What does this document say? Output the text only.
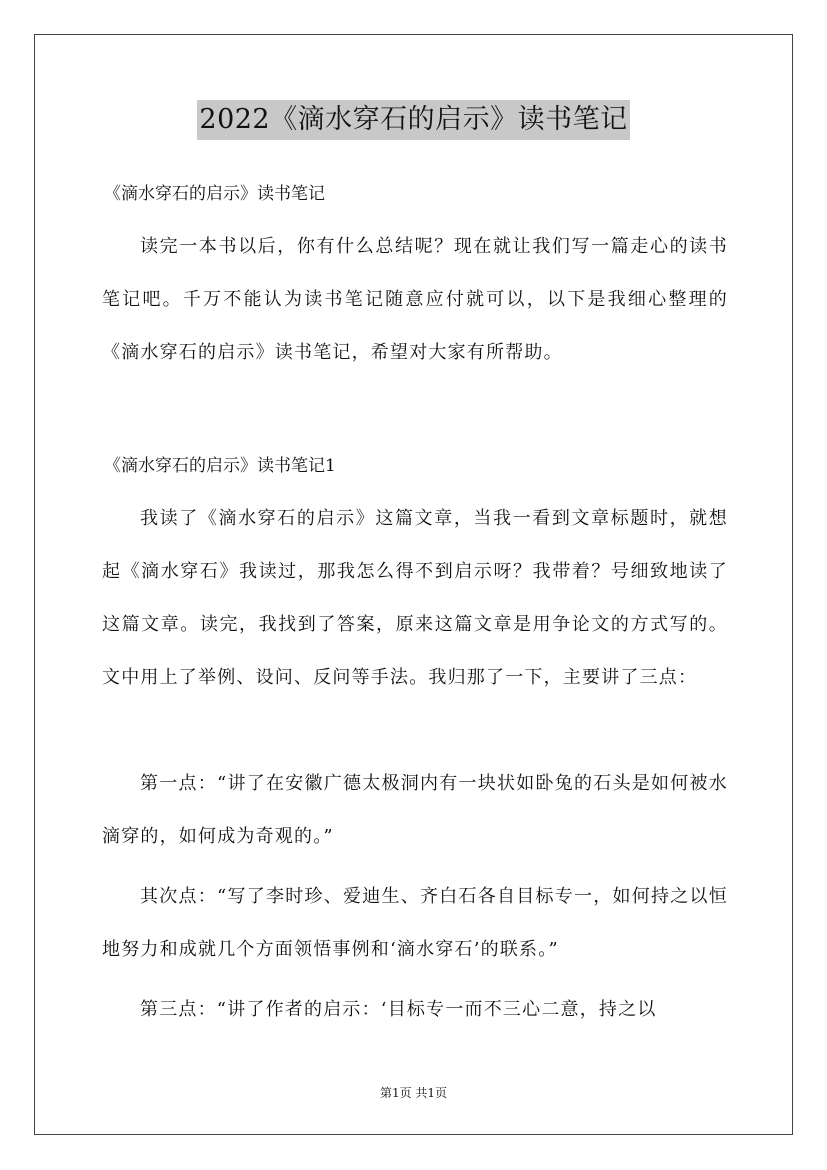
2022《滴水穿石的启示》读书笔记
《滴水穿石的启示》读书笔记
读完一本书以后，你有什么总结呢？现在就让我们写一篇走心的读书笔记吧。千万不能认为读书笔记随意应付就可以，以下是我细心整理的《滴水穿石的启示》读书笔记，希望对大家有所帮助。
《滴水穿石的启示》读书笔记1
我读了《滴水穿石的启示》这篇文章，当我一看到文章标题时，就想起《滴水穿石》我读过，那我怎么得不到启示呀？我带着？号细致地读了这篇文章。读完，我找到了答案，原来这篇文章是用争论文的方式写的。文中用上了举例、设问、反问等手法。我归那了一下，主要讲了三点：
第一点：“讲了在安徽广德太极洞内有一块状如卧兔的石头是如何被水滴穿的，如何成为奇观的。”
其次点：“写了李时珍、爱迪生、齐白石各自目标专一，如何持之以恒地努力和成就几个方面领悟事例和‘滴水穿石’的联系。”
第三点：“讲了作者的启示：‘目标专一而不三心二意，持之以
第1页 共1页
